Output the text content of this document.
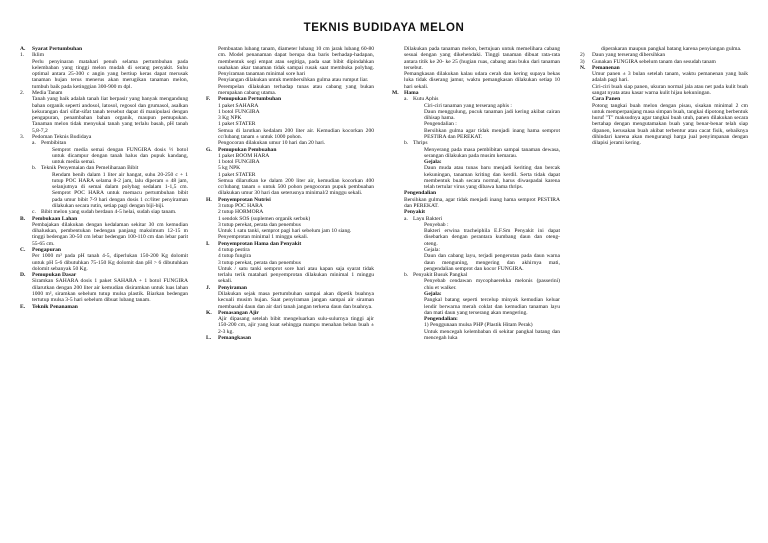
TEKNIS BUDIDAYA MELON
A.	Syarat Pertumbuhan
1.	Iklim
Perlu penyinaran matahari penuh selama pertumbuhan pada kelembaban yang tinggi melon mudah di serang penyakit. Suhu optimal antara 25-300 c angin yang bertiup keras dapat merusak tanaman hujan terus menerus akan merugikan tanaman melon, tumbuh baik pada ketinggian 300-900 m dpl.
2.	Media Tanam
Tanah yang baik adalah tanah liat berpasir yang banyak mengandung bahan organik seperti andosol, latosol, regosol dan grumasol, asalkan kekurangan dari sifat-sifat tanah tersebut dapat di manipulasi dengan pengapuran, penambahan bahan organik, maupun pemupukan. Tanaman melon tidak menyukai tanah yang terlalu basah, pH tanah 5,8-7,2
3.	Pedoman Teknis Budidaya
a. Pembibitan
Semprot media semai dengan FUNGIRA dosis ½ botol untuk dicampur dengan tanah halus dan pupuk kandang, untuk media semai.
b. Teknik Penyemaian dan Pemeliharaan Bibit
Rendam benih dalam 1 liter air hangat, suhu 20-250 c + 1 tutup POC HARA selama 8-2 jam, lalu diperam ± 48 jam, selanjutnya di semai dalam polybag sedalam 1-1,5 cm. Semprot POC HARA untuk memacu pertumbuhan bibit pada umur bibit 7-9 hari dengan dosis 1 cc/liter penyiraman dilakukan secara rutin, setiap pagi dengan biji-biji.
c. Bibit melon yang sudah berdaun 4-5 helai, sudah siap tanam.
B.	Pembukaan Lahan
Pembajakan dilakukan dengan kedalaman sekitar 30 cm kemudian dihaluskan, pembentukan bedengan panjang maksimum 12-15 m tinggi bedengan 30-50 cm lebar bedengan 100-110 cm dan lebar parit 55-65 cm.
C.	Pengapuran
Per 1000 m² pada pH tanah 4-5, diperlukan 150-200 Kg dolomit untuk pH 5-6 dibutuhkan 75-150 Kg dolomit dan pH > 6 dibutuhkan dolomit sebanyak 50 Kg.
D.	Pemupukan Dasar
Siramkan SAHARA dosis 1 paket SAHARA + 1 botol FUNGIRA dilarutkan dengan 200 liter air kemudian disiramkan untuk luas lahan 1000 m², siramkan sebelum tutup mulsa plastik. Biarkan bedengan tertutup mulsa 3-5 hari sebelum dibuat lubang tanam.
E.	Teknik Penanaman
Pembuatan lubang tanam, diameter lubang 10 cm jarak lubang 60-80 cm. Model penanaman dapat berupa dua baris berhadap-hadapan, membentuk segi empat atau segitiga, pada saat bibit dipindahkan usahakan akar tanaman tidak sampai rusak saat membuka polybag. Penyiraman tanaman minimal sore hari
Penyiangan dilakukan untuk membersihkan gulma atau rumput liar.
Perempelan dilakukan terhadap tunas atau cabang yang bukan merupakan cabang utama.
F.	Pemupukan Pertumbuhan
1 paket SAHARA
1 botol FUNGIRA
3 Kg NPK
1 paket STATER
Semua di larutkan kedalam 200 liter air. Kemudian kocorkan 200 cc/lubang tanam ± untuk 1000 pohon.
Pengocoran dilakukan umur 10 hari dan 20 hari.
G.	Pemupukan Pembuahan
1 paket BOOM HARA
1 botol FUNGIRA
5 kg NPK
1 paket STATER
Semua dilarutkan ke dalam 200 liter air, kemudian kocorkan 400 cc/lubang tanam ± untuk 500 pohon pengocoran pupuk pembuahan dilakukan umur 30 hari dan seterusnya minimal/2 minggu sekali.
H.	Penyemprotan Nutrisi
3 tutup POC HARA
2 tutup HORMORA
1 sendok SOS (suplemen organik serbuk)
3 tutup perekat, perata dan penembus
Untuk 1 satu tanki, semprot pagi hari sebelum jam 10 siang.
Penyemprotan minimal 1 minggu sekali.
I.	Penyemprotan Hama dan Penyakit
4 tutup pestira
4 tutup fungira
3 tutup perekat, perata dan penembus
Untuk / satu tanki semprot sore hari atau kapan saja syarat tidak terlalu terik matahari penyemprotan dilakukan minimal 1 minggu sekali.
J.	Penyiraman
Dilakukan sejak masa pertumbuhan sampai akan dipetik buahnya kecuali musim hujan. Saat penyiraman jangan sampai air siraman membasahi daun dan air dari tanah jangan terkena daun dan buahnya.
K.	Pemasangan Ajir
Ajir dipasang setelah bibit mengeluarkan sulu-sulurnya tinggi ajir 150-200 cm, ajir yang kuat sehingga mampu menahan beban buah ± 2-3 kg.
L.	Pemangkasan
Dilakukan pada tanaman melon, bertujuan untuk memelihara cabang sesuai dengan yang dikehendaki. Tinggi tanaman dibuat rata-rata antara titik ke 20- ke 25 (hugian ruas, cabang atau buku dari tanaman tersebut.
Pemangkasan dilakukan kalau udara cerah dan kering supaya bekas luka tidak diserang jamur, waktu pemangkasan dilakukan setiap 10 hari sekali.
M. Hama
a. Kutu Aphis
Ciri-ciri tanaman yang terserang aphis :
Daun menggulung, pucuk tanaman jadi kering akibat cairan dihisap hama.
Pengendalian :
Bersihkan gulma agar tidak menjadi inang hama semprot PESTIRA dan PEREKAT.
b. Thrips
Menyerang pada masa pembibitan sampai tanaman dewasa, serangan dilakukan pada musim kemarau.
Gejala:
Daun muda atau tunas baru menjadi keriting dan bercak kekuningan, tanaman kriting dan kerdil. Serta tidak dapat membentuk buah secara normal, harus diwaspadai karena telah tertular virus yang dibawa hama thrips.
Pengendalian
Bersihkan gulma, agar tidak menjadi inang hama semprot PESTIRA dan PEREKAT.
Penyakit
a. Layu Bakteri
Penyebab :
Bakteri erwina tracheiphila E.F.Sm Penyakit ini dapat disebarkan dengan perantara kumbang daun dan oteng-oteng.
Gejala:
Daun dan cabang layu, terjadi pengerutan pada daun warna daun menguning, mengering dan akhirnya mati, pengendalian semprot dan kocor FUNGIRA.
b. Penyakit Busuk Pangkal
Penyebab cendawan mycophaerekka melonis (passerini) chiu et walker.
Gejala:
Pangkal batang seperti tercelup minyak kemudian keluar lendir berwarna merah coklat dan kemudian tanaman layu dan mati daun yang terserang akan mengering.
Pengendalian:
1) Penggunaan mulsa PHP (Plastik Hitam Perak)
Untuk mencegah kelembaban di sekitar pangkal batang dan mencegah luka
diperakaran maupun pangkal batang karena penyiangan gulma.
2)	Daun yang terserang dibersihkan
3)	Gunakan FUNGIRA sebelum tanam dan sesudah tanam
N.	Pemanenan
Umur panen ± 3 bulan setelah tanam, waktu pemanenan yang baik adalah pagi hari.
Ciri-ciri buah siap panen, ukuran normal jala atau net pada kulit buah sangat nyata atau kasar warna kulit hijau kekuningan.
Cara Panen
Potong tangkai buah melon dengan pisau, sisakan minimal 2 cm untuk memperpanjang masa simpan buah, tangkai dipotong berbentuk huruf "T" maksudnya agar tangkai buah utuh, panen dilakukan secara bertahap dengan mengutamakan buah yang benar-benar telah siap dipanen, kerusakan buah akibat terbentur atau cacat fisik, sebaiknya dihindari karena akan mengurangi harga jual penyimpanan dengan dilapisi jerami kering.
